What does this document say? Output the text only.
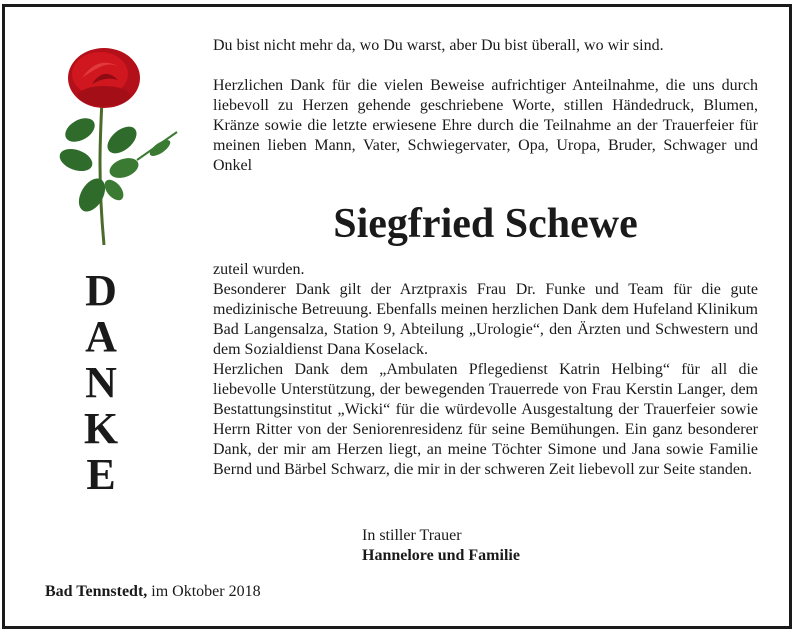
D
A
N
K
E
Du bist nicht mehr da, wo Du warst, aber Du bist überall, wo wir sind.
Herzlichen Dank für die vielen Beweise aufrichtiger Anteilnahme, die uns durch liebevoll zu Herzen gehende geschriebene Worte, stillen Händedruck, Blumen, Kränze sowie die letzte erwiesene Ehre durch die Teilnahme an der Trauerfeier für meinen lieben Mann, Vater, Schwiegervater, Opa, Uropa, Bruder, Schwager und Onkel
Siegfried Schewe
zuteil wurden.
Besonderer Dank gilt der Arztpraxis Frau Dr. Funke und Team für die gute medizinische Betreuung. Ebenfalls meinen herzlichen Dank dem Hufeland Klinikum Bad Langensalza, Station 9, Abteilung „Urologie“, den Ärzten und Schwestern und dem Sozialdienst Dana Koselack.
Herzlichen Dank dem „Ambulaten Pflegedienst Katrin Helbing“ für all die liebevolle Unterstützung, der bewegenden Trauerrede von Frau Kerstin Langer, dem Bestattungsinstitut „Wicki“ für die würdevolle Ausgestaltung der Trauerfeier sowie Herrn Ritter von der Seniorenresidenz für seine Bemühungen. Ein ganz besonderer Dank, der mir am Herzen liegt, an meine Töchter Simone und Jana sowie Familie Bernd und Bärbel Schwarz, die mir in der schweren Zeit liebevoll zur Seite standen.
In stiller Trauer
Hannelore und Familie
Bad Tennstedt, im Oktober 2018
